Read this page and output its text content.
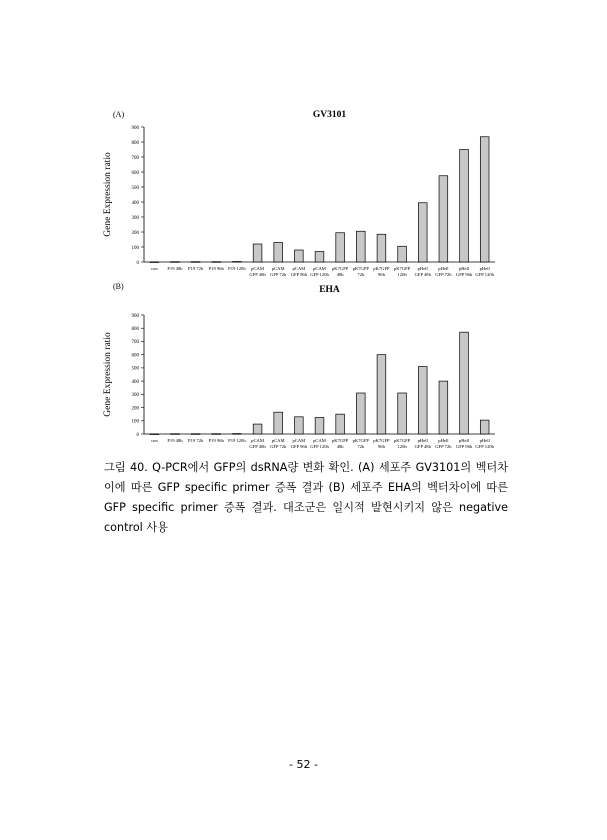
(A)	GV3101
Gene Expression ratio
0
100
200
300
400
500
600
700
800
900
con P19 48h P19 72h P19 96h P19 120h	pCAM GFP 48h
pCAM GFP 72h
pCAM GFP 96h
pCAM GFP 120h
pK7GFP 48h
pK7GFP 72h
pK7GFP 96h
pK7GFP 120h
pHell GFP 48h
pHell GFP 72h
pHell GFP 96h
pHell GFP 120h
(B)	EHA
Gene Expression ratio
0
100
200
300
400
500
600
700
800
900
con P19 48h P19 72h P19 96h P19 120h	pCAM GFP 48h
pCAM GFP 72h
pCAM GFP 96h
pCAM GFP 120h
pK7GFP 48h
pK7GFP 72h
pK7GFP 96h
pK7GFP 120h
pHell GFP 48h
pHell GFP 72h
pHell GFP 96h
pHell GFP 120h
그림 40. Q-PCR에서 GFP의 dsRNA량 변화 확인. (A) 세포주 GV3101의 벡터차이에 따른 GFP specific primer 증폭 결과 (B) 세포주 EHA의 벡터차이에 따른 GFP specific primer 증폭 결과. 대조군은 일시적 발현시키지 않은 negative control 사용
- 52 -
